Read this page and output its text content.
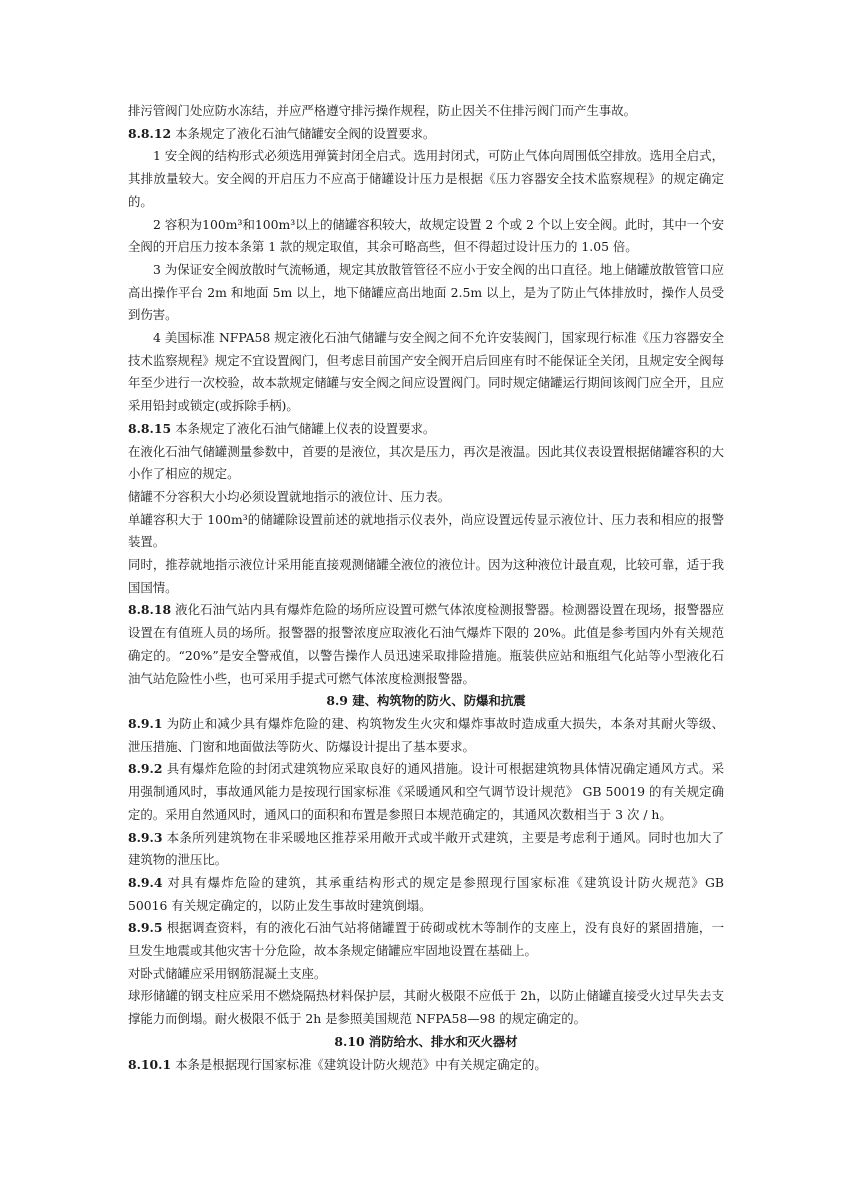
排污管阀门处应防水冻结，并应严格遵守排污操作规程，防止因关不住排污阀门而产生事故。

8.8.12 本条规定了液化石油气储罐安全阀的设置要求。

1 安全阀的结构形式必须选用弹簧封闭全启式。选用封闭式，可防止气体向周围低空排放。选用全启式，其排放量较大。安全阀的开启压力不应高于储罐设计压力是根据《压力容器安全技术监察规程》的规定确定的。

2 容积为100m³和100m³以上的储罐容积较大，故规定设置 2 个或 2 个以上安全阀。此时，其中一个安全阀的开启压力按本条第 1 款的规定取值，其余可略高些，但不得超过设计压力的 1.05 倍。

3 为保证安全阀放散时气流畅通，规定其放散管管径不应小于安全阀的出口直径。地上储罐放散管管口应高出操作平台 2m 和地面 5m 以上，地下储罐应高出地面 2.5m 以上，是为了防止气体排放时，操作人员受到伤害。

4 美国标准 NFPA58 规定液化石油气储罐与安全阀之间不允许安装阀门，国家现行标准《压力容器安全技术监察规程》规定不宜设置阀门，但考虑目前国产安全阀开启后回座有时不能保证全关闭，且规定安全阀每年至少进行一次校验，故本款规定储罐与安全阀之间应设置阀门。同时规定储罐运行期间该阀门应全开，且应采用铅封或锁定(或拆除手柄)。

8.8.15 本条规定了液化石油气储罐上仪表的设置要求。

在液化石油气储罐测量参数中，首要的是液位，其次是压力，再次是液温。因此其仪表设置根据储罐容积的大小作了相应的规定。

储罐不分容积大小均必须设置就地指示的液位计、压力表。

单罐容积大于 100m³的储罐除设置前述的就地指示仪表外，尚应设置远传显示液位计、压力表和相应的报警装置。

同时，推荐就地指示液位计采用能直接观测储罐全液位的液位计。因为这种液位计最直观，比较可靠，适于我国国情。

8.8.18 液化石油气站内具有爆炸危险的场所应设置可燃气体浓度检测报警器。检测器设置在现场，报警器应设置在有值班人员的场所。报警器的报警浓度应取液化石油气爆炸下限的 20%。此值是参考国内外有关规范确定的。“20%”是安全警戒值，以警告操作人员迅速采取排险措施。瓶装供应站和瓶组气化站等小型液化石油气站危险性小些，也可采用手提式可燃气体浓度检测报警器。

8.9 建、构筑物的防火、防爆和抗震

8.9.1 为防止和减少具有爆炸危险的建、构筑物发生火灾和爆炸事故时造成重大损失，本条对其耐火等级、泄压措施、门窗和地面做法等防火、防爆设计提出了基本要求。

8.9.2 具有爆炸危险的封闭式建筑物应采取良好的通风措施。设计可根据建筑物具体情况确定通风方式。采用强制通风时，事故通风能力是按现行国家标准《采暖通风和空气调节设计规范》 GB 50019 的有关规定确定的。采用自然通风时，通风口的面积和布置是参照日本规范确定的，其通风次数相当于 3 次 / h。

8.9.3 本条所列建筑物在非采暖地区推荐采用敞开式或半敞开式建筑，主要是考虑利于通风。同时也加大了建筑物的泄压比。

8.9.4 对具有爆炸危险的建筑，其承重结构形式的规定是参照现行国家标准《建筑设计防火规范》GB 50016 有关规定确定的，以防止发生事故时建筑倒塌。

8.9.5 根据调查资料，有的液化石油气站将储罐置于砖砌或枕木等制作的支座上，没有良好的紧固措施，一旦发生地震或其他灾害十分危险，故本条规定储罐应牢固地设置在基础上。

对卧式储罐应采用钢筋混凝土支座。

球形储罐的钢支柱应采用不燃烧隔热材料保护层，其耐火极限不应低于 2h，以防止储罐直接受火过早失去支撑能力而倒塌。耐火极限不低于 2h 是参照美国规范 NFPA58—98 的规定确定的。

8.10 消防给水、排水和灭火器材

8.10.1 本条是根据现行国家标准《建筑设计防火规范》中有关规定确定的。
